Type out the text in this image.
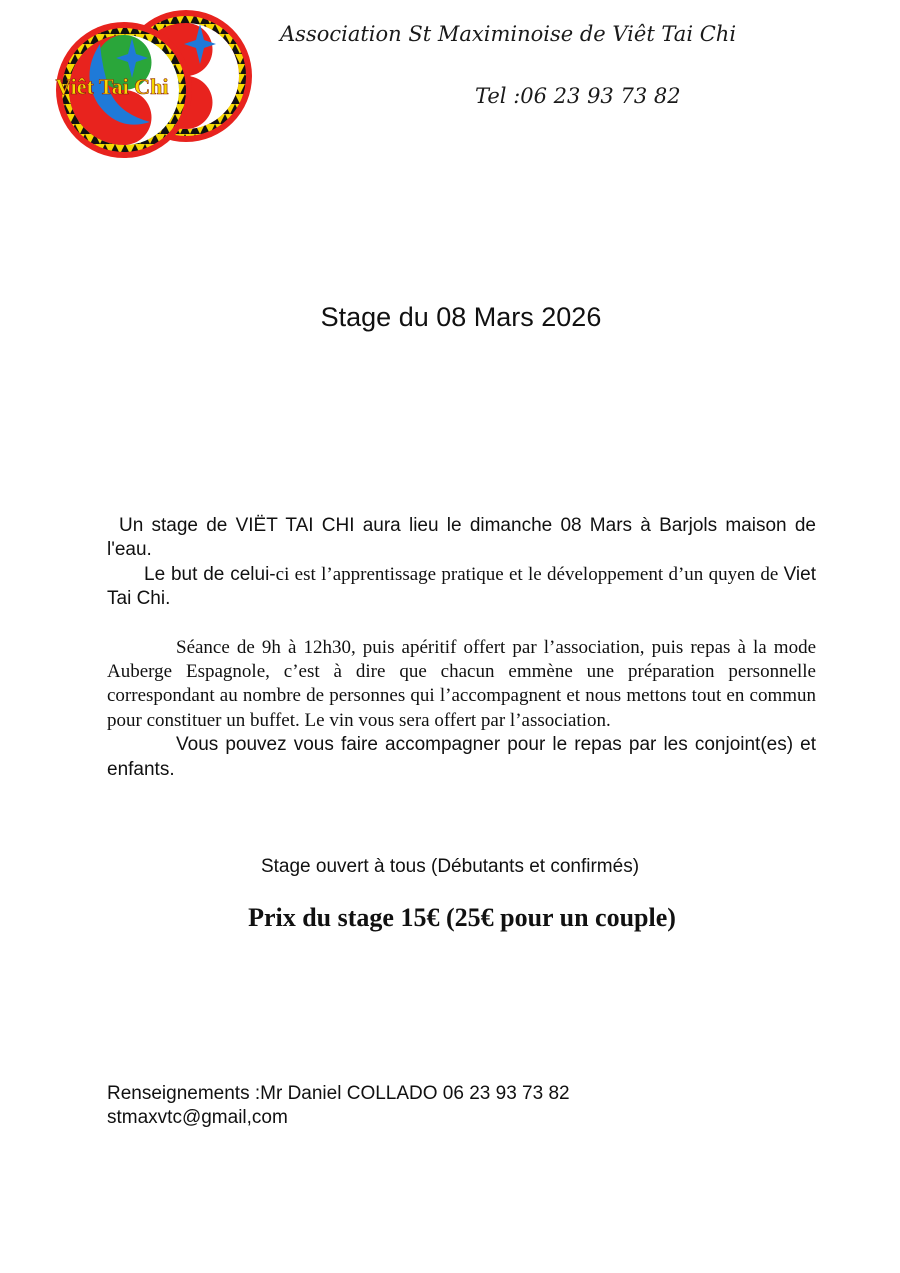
Viêt Tai Chi
Association St Maximinoise de Viêt Tai Chi
Tel :06 23 93 73 82
Stage du 08 Mars 2026

Un stage de VIËT TAI CHI aura lieu le dimanche 08 Mars à Barjols maison de l'eau.

Le but de celui-ci est l’apprentissage pratique et le développement d’un quyen de Viet Tai Chi.

Séance de 9h à 12h30, puis apéritif offert par l’association, puis repas à la mode Auberge Espagnole, c’est à dire que chacun emmène une préparation personnelle correspondant au nombre de personnes qui l’accompagnent et nous mettons tout en commun pour constituer un buffet. Le vin vous sera offert par l’association.

Vous pouvez vous faire accompagner pour le repas par les conjoint(es) et enfants.

Stage ouvert à tous (Débutants et confirmés)
Prix du stage 15€ (25€ pour un couple)
Renseignements :Mr Daniel COLLADO 06 23 93 73 82
stmaxvtc@gmail,com
